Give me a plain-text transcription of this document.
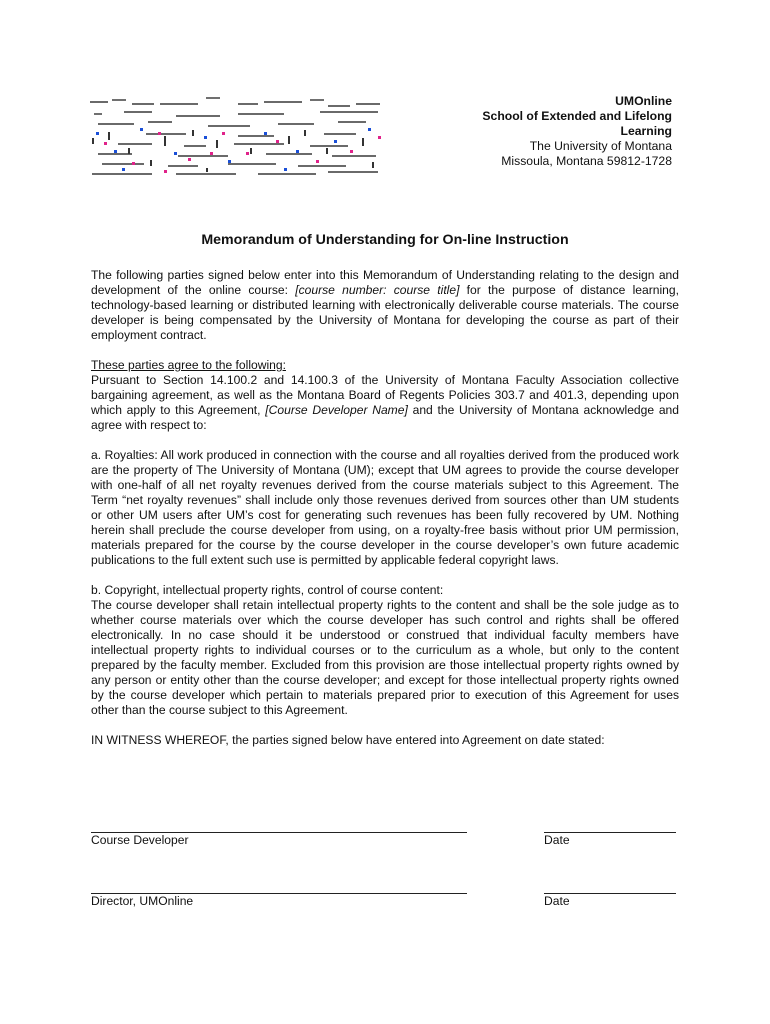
UMOnline
School of Extended and Lifelong
Learning
The University of Montana
Missoula, Montana 59812-1728
Memorandum of Understanding for On-line Instruction

The following parties signed below enter into this Memorandum of Understanding relating to the design and development of the online course: [course number: course title] for the purpose of distance learning, technology-based learning or distributed learning with electronically deliverable course materials. The course developer is being compensated by the University of Montana for developing the course as part of their employment contract.

These parties agree to the following:
Pursuant to Section 14.100.2 and 14.100.3 of the University of Montana Faculty Association collective bargaining agreement, as well as the Montana Board of Regents Policies 303.7 and 401.3, depending upon which apply to this Agreement, [Course Developer Name] and the University of Montana acknowledge and agree with respect to:

a. Royalties: All work produced in connection with the course and all royalties derived from the produced work are the property of The University of Montana (UM); except that UM agrees to provide the course developer with one-half of all net royalty revenues derived from the course materials subject to this Agreement. The Term “net royalty revenues” shall include only those revenues derived from sources other than UM students or other UM users after UM’s cost for generating such revenues has been fully recovered by UM. Nothing herein shall preclude the course developer from using, on a royalty-free basis without prior UM permission, materials prepared for the course by the course developer in the course developer’s own future academic publications to the full extent such use is permitted by applicable federal copyright laws.

b. Copyright, intellectual property rights, control of course content:
The course developer shall retain intellectual property rights to the content and shall be the sole judge as to whether course materials over which the course developer has such control and rights shall be offered electronically. In no case should it be understood or construed that individual faculty members have intellectual property rights to individual courses or to the curriculum as a whole, but only to the content prepared by the faculty member. Excluded from this provision are those intellectual property rights owned by any person or entity other than the course developer; and except for those intellectual property rights owned by the course developer which pertain to materials prepared prior to execution of this Agreement for uses other than the course subject to this Agreement.

IN WITNESS WHEREOF, the parties signed below have entered into Agreement on date stated:

Course Developer	Date
Director, UMOnline	Date
